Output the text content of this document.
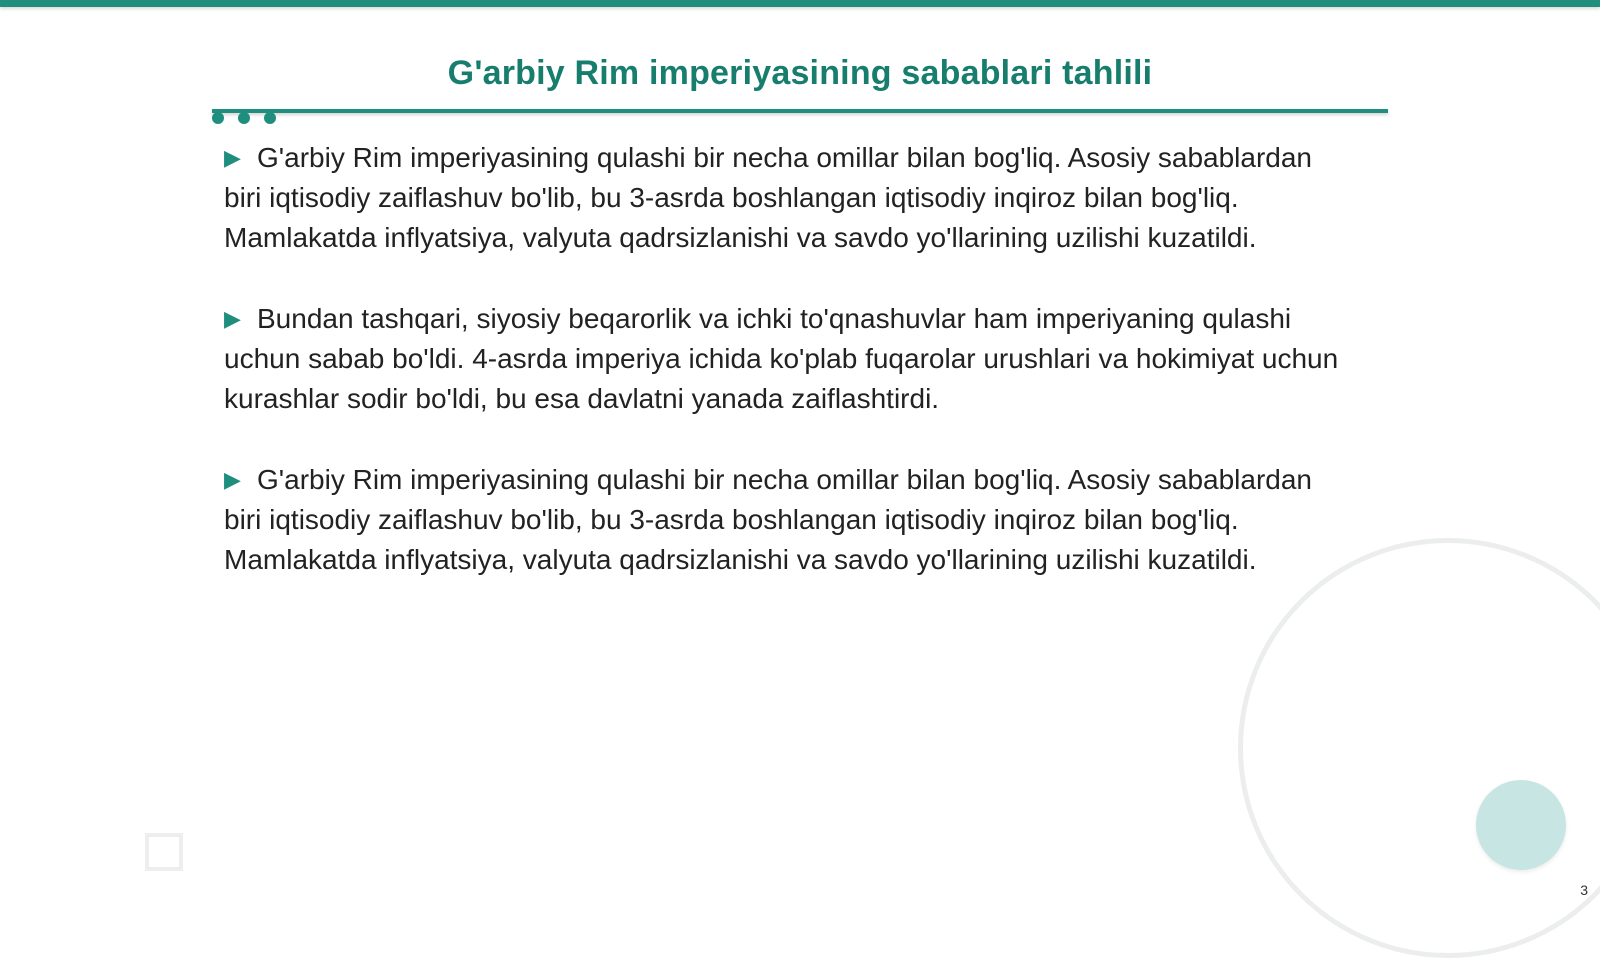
G'arbiy Rim imperiyasining sabablari tahlili

▶ G'arbiy Rim imperiyasining qulashi bir necha omillar bilan bog'liq. Asosiy sabablardan biri iqtisodiy zaiflashuv bo'lib, bu 3-asrda boshlangan iqtisodiy inqiroz bilan bog'liq. Mamlakatda inflyatsiya, valyuta qadrsizlanishi va savdo yo'llarining uzilishi kuzatildi.

▶ Bundan tashqari, siyosiy beqarorlik va ichki to'qnashuvlar ham imperiyaning qulashi uchun sabab bo'ldi. 4-asrda imperiya ichida ko'plab fuqarolar urushlari va hokimiyat uchun kurashlar sodir bo'ldi, bu esa davlatni yanada zaiflashtirdi.

▶ G'arbiy Rim imperiyasining qulashi bir necha omillar bilan bog'liq. Asosiy sabablardan biri iqtisodiy zaiflashuv bo'lib, bu 3-asrda boshlangan iqtisodiy inqiroz bilan bog'liq. Mamlakatda inflyatsiya, valyuta qadrsizlanishi va savdo yo'llarining uzilishi kuzatildi.

3
